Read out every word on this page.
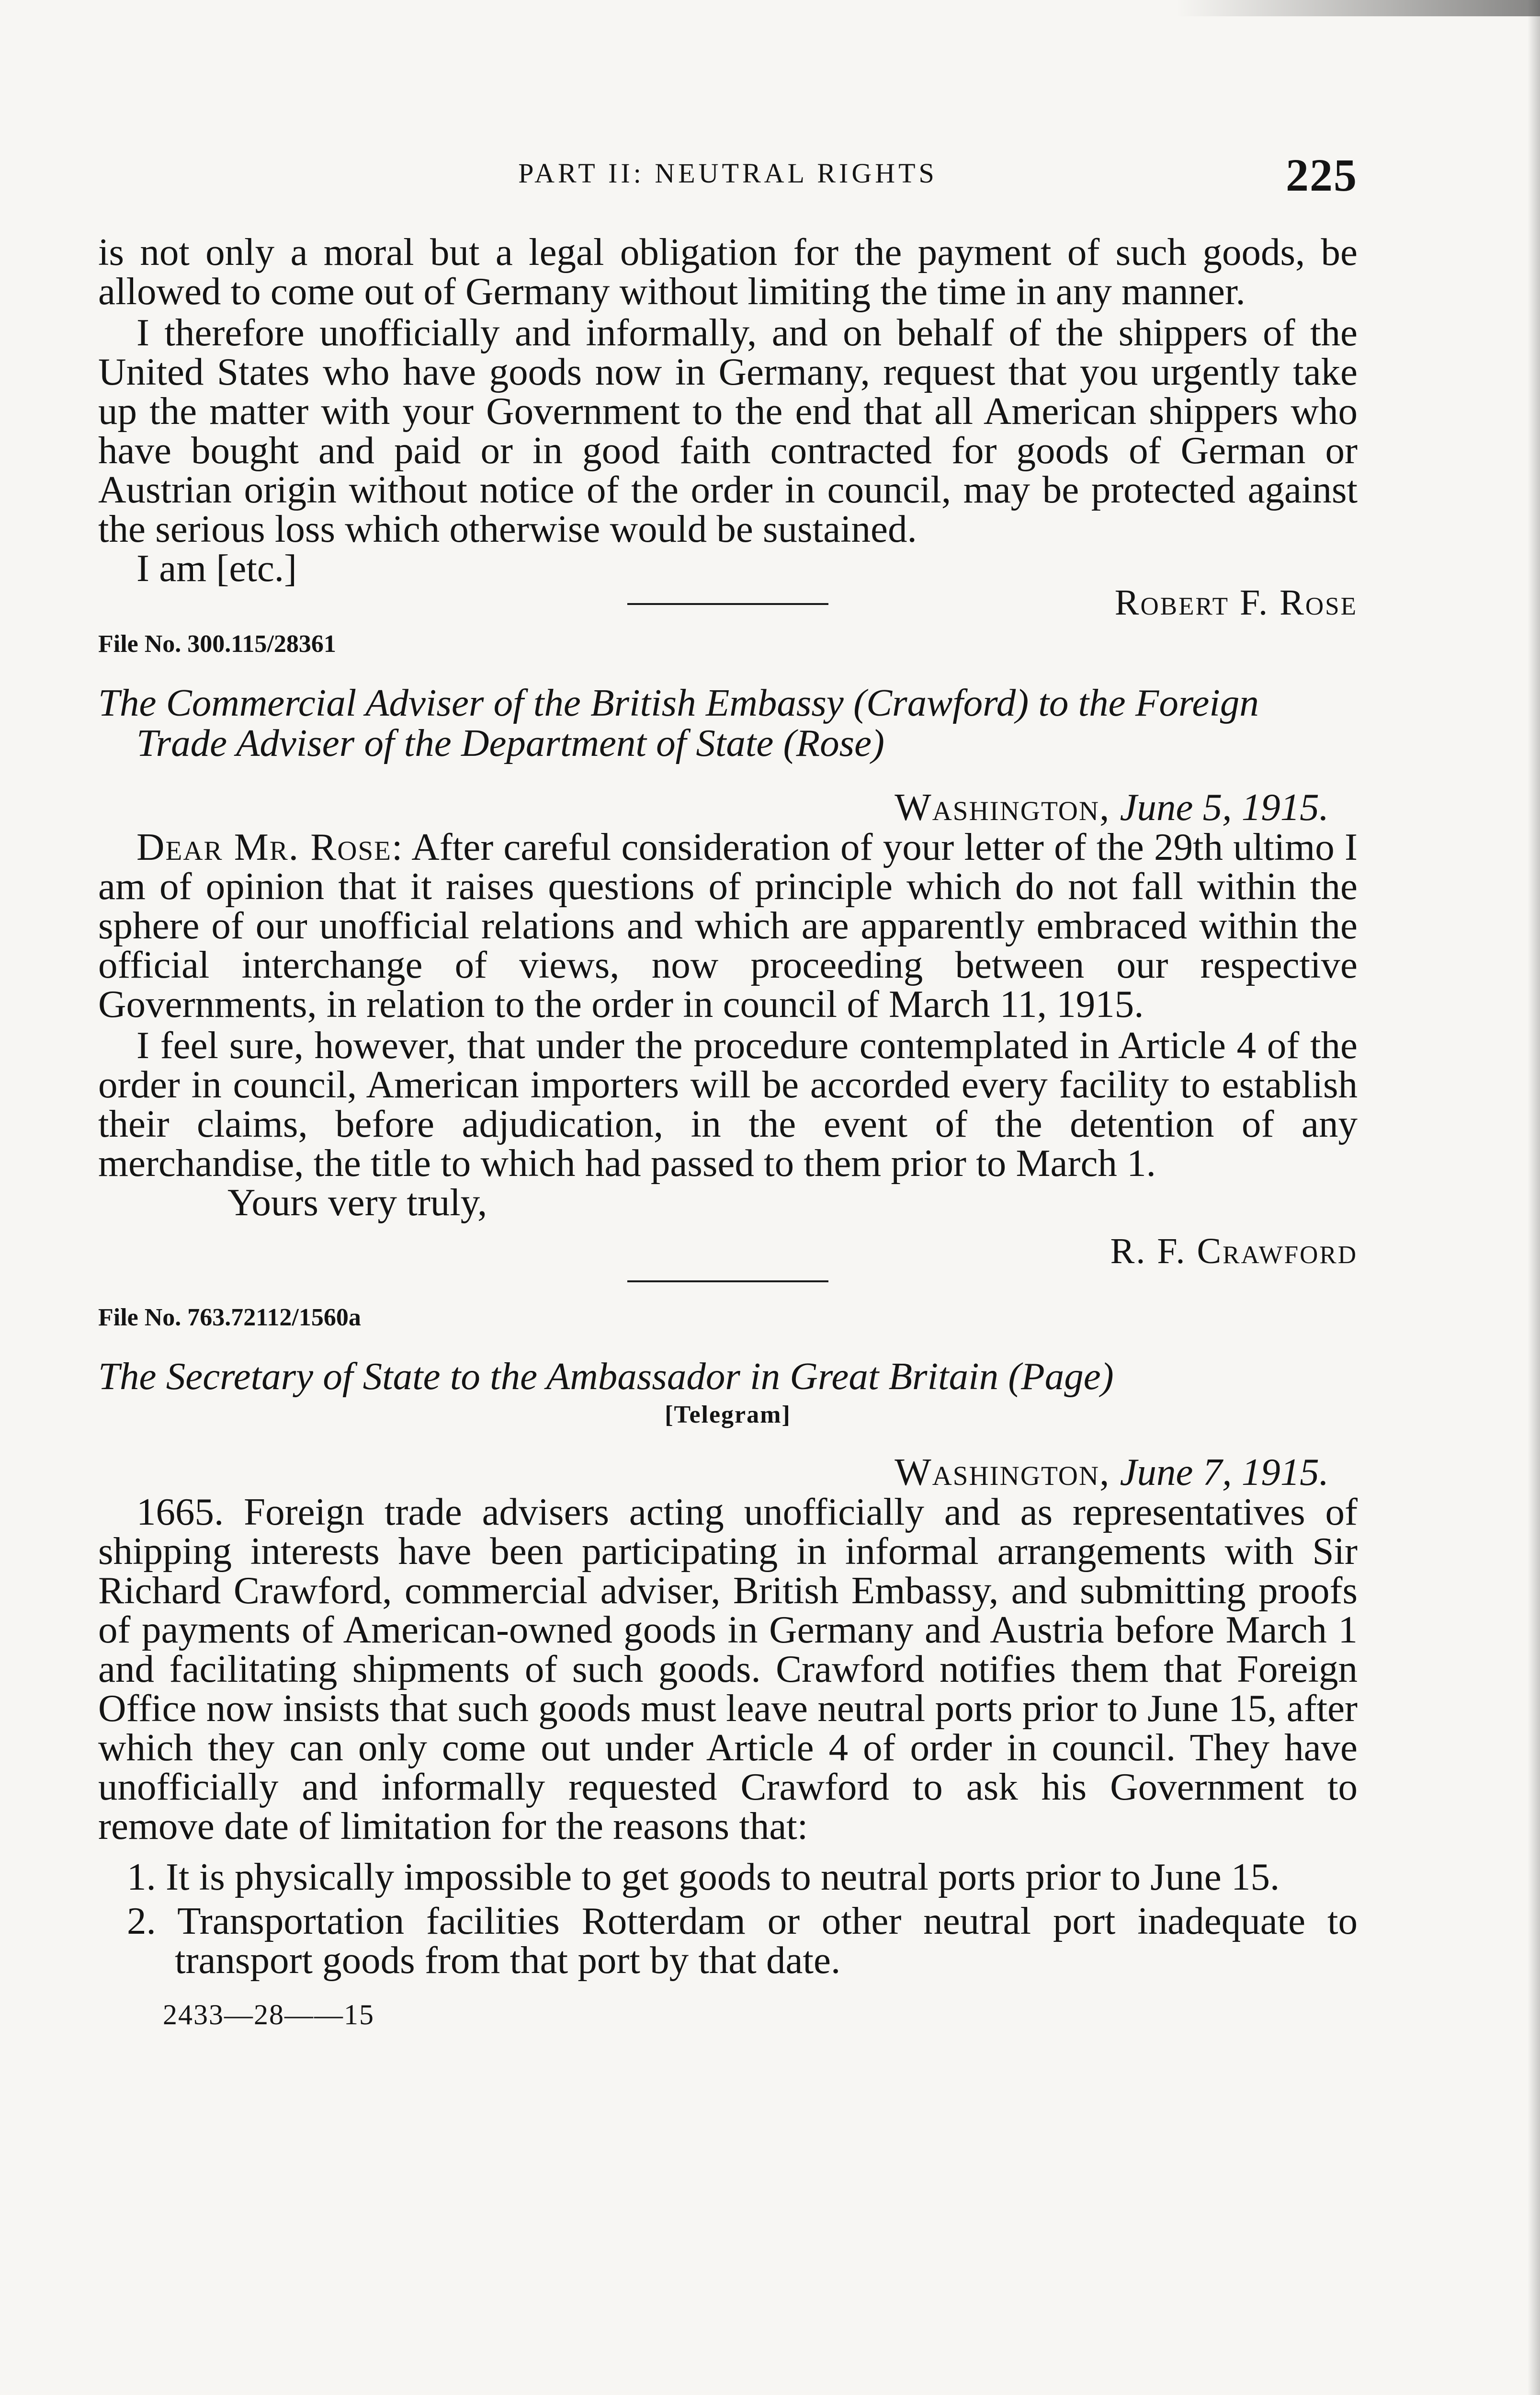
PART II: NEUTRAL RIGHTS	225

is not only a moral but a legal obligation for the payment of such goods, be allowed to come out of Germany without limiting the time in any manner.

I therefore unofficially and informally, and on behalf of the shippers of the United States who have goods now in Germany, request that you urgently take up the matter with your Government to the end that all American shippers who have bought and paid or in good faith contracted for goods of German or Austrian origin without notice of the order in council, may be protected against the serious loss which otherwise would be sustained.

I am [etc.]

Robert F. Rose
File No. 300.115/28361

The Commercial Adviser of the British Embassy (Crawford) to the Foreign Trade Adviser of the Department of State (Rose)

Washington, June 5, 1915.

Dear Mr. Rose: After careful consideration of your letter of the 29th ultimo I am of opinion that it raises questions of principle which do not fall within the sphere of our unofficial relations and which are apparently embraced within the official interchange of views, now proceeding between our respective Governments, in relation to the order in council of March 11, 1915.

I feel sure, however, that under the procedure contemplated in Article 4 of the order in council, American importers will be accorded every facility to establish their claims, before adjudication, in the event of the detention of any merchandise, the title to which had passed to them prior to March 1.

Yours very truly,

R. F. Crawford
File No. 763.72112/1560a

The Secretary of State to the Ambassador in Great Britain (Page)

[Telegram]
Washington, June 7, 1915.

1665. Foreign trade advisers acting unofficially and as representatives of shipping interests have been participating in informal arrangements with Sir Richard Crawford, commercial adviser, British Embassy, and submitting proofs of payments of American-owned goods in Germany and Austria before March 1 and facilitating shipments of such goods. Crawford notifies them that Foreign Office now insists that such goods must leave neutral ports prior to June 15, after which they can only come out under Article 4 of order in council. They have unofficially and informally requested Crawford to ask his Government to remove date of limitation for the reasons that:

1. It is physically impossible to get goods to neutral ports prior to June 15.

2. Transportation facilities Rotterdam or other neutral port inadequate to transport goods from that port by that date.

2433—28——15
